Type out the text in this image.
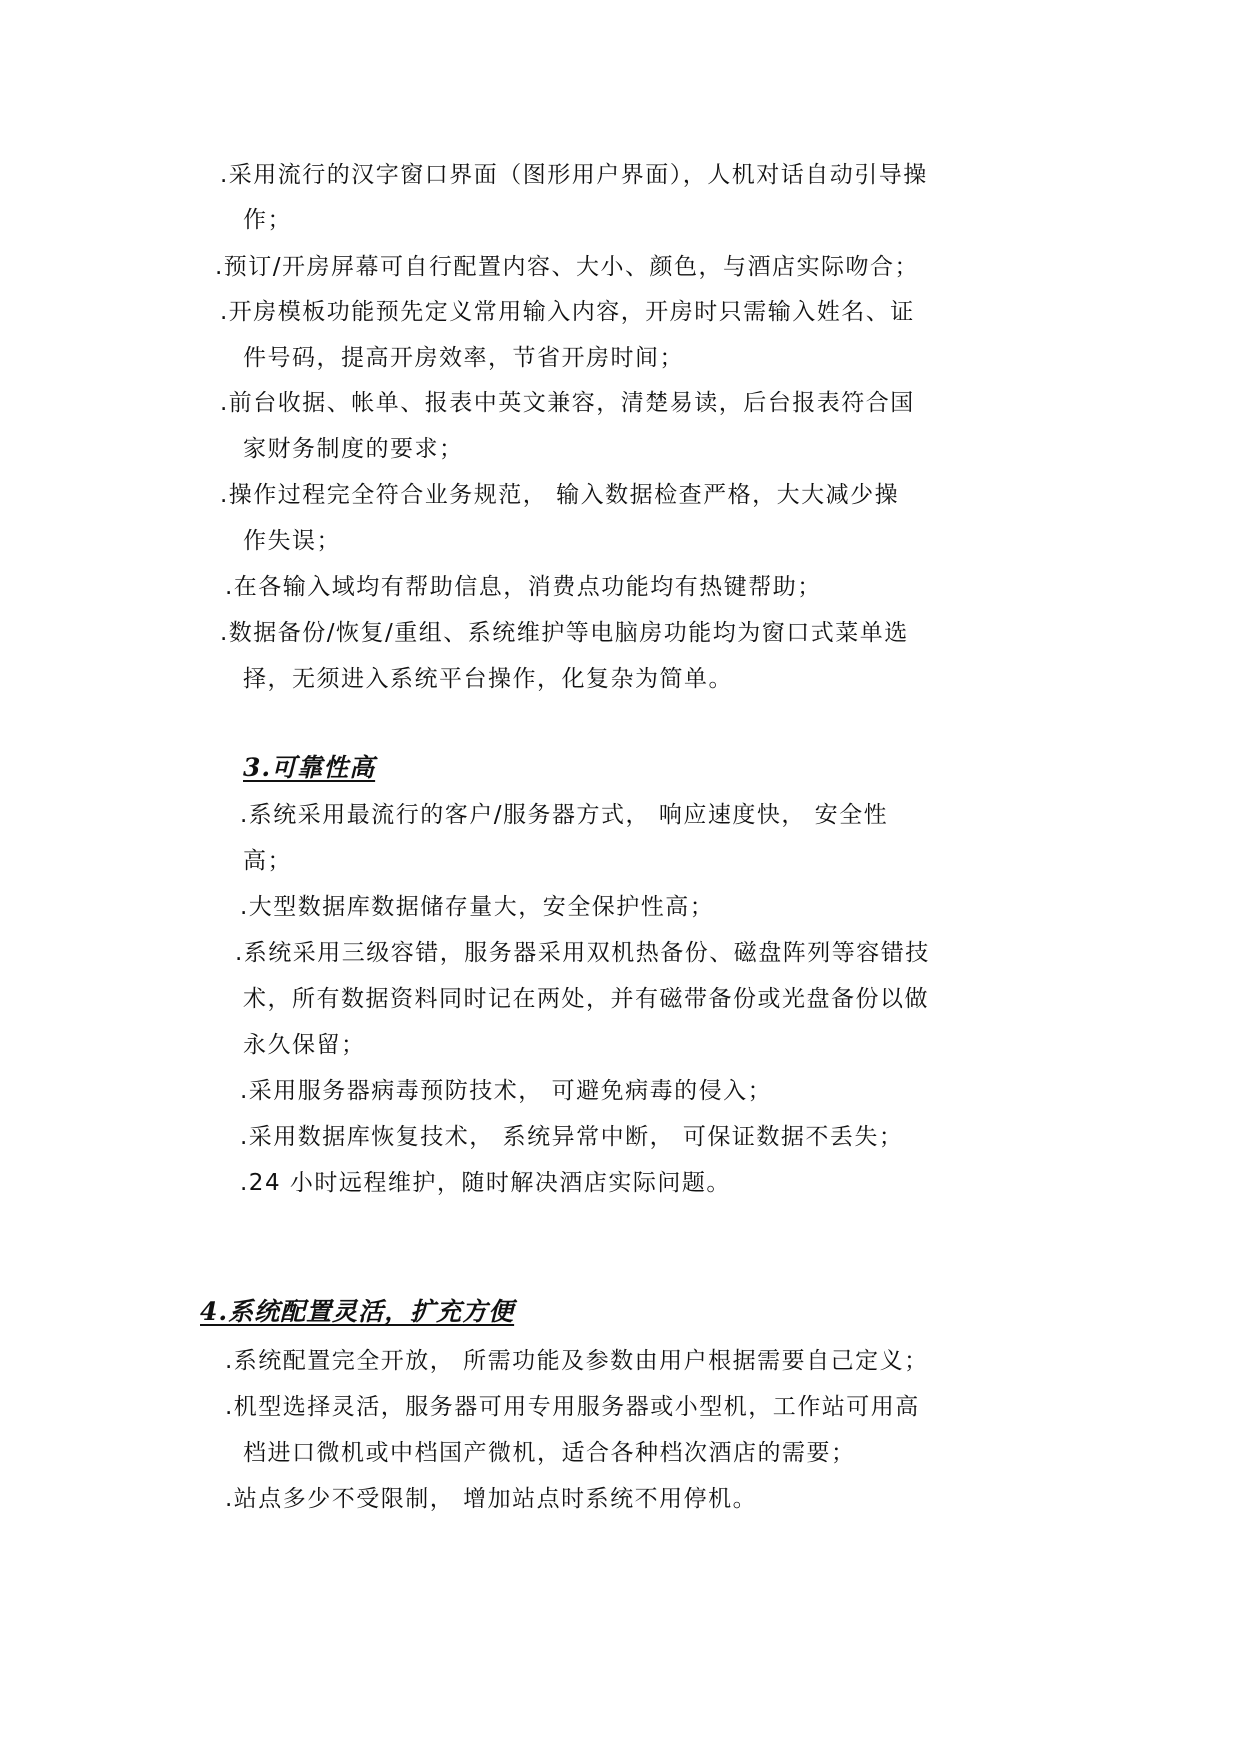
.采用流行的汉字窗口界面（图形用户界面），人机对话自动引导操
作；
.预订/开房屏幕可自行配置内容、大小、颜色，与酒店实际吻合；
.开房模板功能预先定义常用输入内容，开房时只需输入姓名、证
件号码，提高开房效率，节省开房时间；
.前台收据、帐单、报表中英文兼容，清楚易读，后台报表符合国
家财务制度的要求；
.操作过程完全符合业务规范， 输入数据检查严格，大大减少操
作失误；
.在各输入域均有帮助信息，消费点功能均有热键帮助；
.数据备份/恢复/重组、系统维护等电脑房功能均为窗口式菜单选
择，无须进入系统平台操作，化复杂为简单。
3.可靠性高
.系统采用最流行的客户/服务器方式， 响应速度快， 安全性
高；
.大型数据库数据储存量大，安全保护性高；
.系统采用三级容错，服务器采用双机热备份、磁盘阵列等容错技
术，所有数据资料同时记在两处，并有磁带备份或光盘备份以做
永久保留；
.采用服务器病毒预防技术， 可避免病毒的侵入；
.采用数据库恢复技术， 系统异常中断， 可保证数据不丢失；
.24 小时远程维护，随时解决酒店实际问题。
4.系统配置灵活，扩充方便
.系统配置完全开放， 所需功能及参数由用户根据需要自己定义；
.机型选择灵活，服务器可用专用服务器或小型机，工作站可用高
档进口微机或中档国产微机，适合各种档次酒店的需要；
.站点多少不受限制， 增加站点时系统不用停机。
